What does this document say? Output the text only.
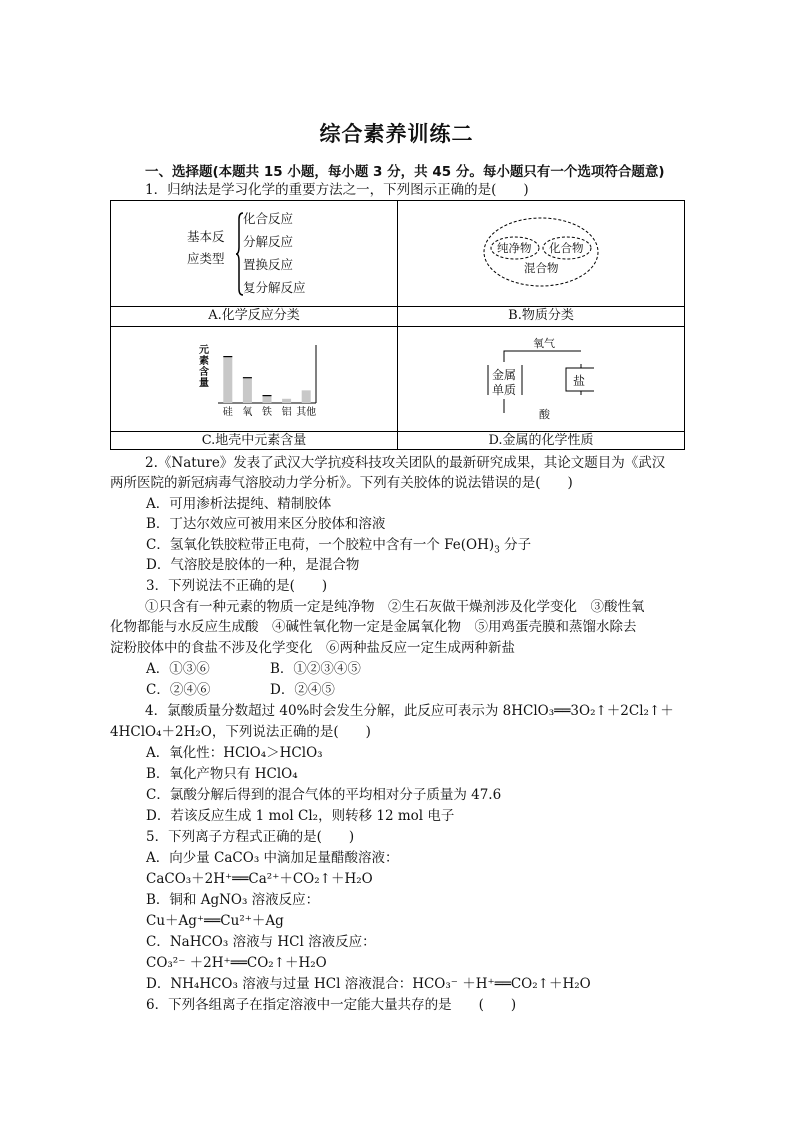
综合素养训练二
一、选择题(本题共 15 小题，每小题 3 分，共 45 分。每小题只有一个选项符合题意)
1．归纳法是学习化学的重要方法之一，下列图示正确的是(　　)
基本反
应类型
化合反应
分解反应
置换反应
复分解反应
纯净物 化合物
混合物
A.化学反应分类	B.物质分类
元素含量
硅 氧 铁 铝 其他
氧气
金属
单质
盐
酸
C.地壳中元素含量	D.金属的化学性质
2.《Nature》发表了武汉大学抗疫科技攻关团队的最新研究成果，其论文题目为《武汉
两所医院的新冠病毒气溶胶动力学分析》。下列有关胶体的说法错误的是(　　)
A．可用渗析法提纯、精制胶体
B．丁达尔效应可被用来区分胶体和溶液
C．氢氧化铁胶粒带正电荷，一个胶粒中含有一个 $Fe(OH)_3$ 分子
D．气溶胶是胶体的一种，是混合物
3．下列说法不正确的是(　　)
①只含有一种元素的物质一定是纯净物　②生石灰做干燥剂涉及化学变化　③酸性氧
化物都能与水反应生成酸　④碱性氧化物一定是金属氧化物　⑤用鸡蛋壳膜和蒸馏水除去
淀粉胶体中的食盐不涉及化学变化　⑥两种盐反应一定生成两种新盐
A．①③⑥	B．①②③④⑤
C．②④⑥	D．②④⑤
4．氯酸质量分数超过 40%时会发生分解，此反应可表示为 8HClO₃══3O₂↑＋2Cl₂↑＋
4HClO₄＋2H₂O，下列说法正确的是(　　)
A．氧化性：HClO₄＞HClO₃
B．氧化产物只有 HClO₄
C．氯酸分解后得到的混合气体的平均相对分子质量为 47.6
D．若该反应生成 1 mol Cl₂，则转移 12 mol 电子
5．下列离子方程式正确的是(　　)
A．向少量 CaCO₃ 中滴加足量醋酸溶液：
CaCO₃＋2H⁺══Ca²⁺＋CO₂↑＋H₂O
B．铜和 AgNO₃ 溶液反应：
Cu＋Ag⁺══Cu²⁺＋Ag
C．NaHCO₃ 溶液与 HCl 溶液反应：
CO₃²⁻ ＋2H⁺══CO₂↑＋H₂O
D．NH₄HCO₃ 溶液与过量 HCl 溶液混合：HCO₃⁻ ＋H⁺══CO₂↑＋H₂O
6．下列各组离子在指定溶液中一定能大量共存的是　　(　　)
